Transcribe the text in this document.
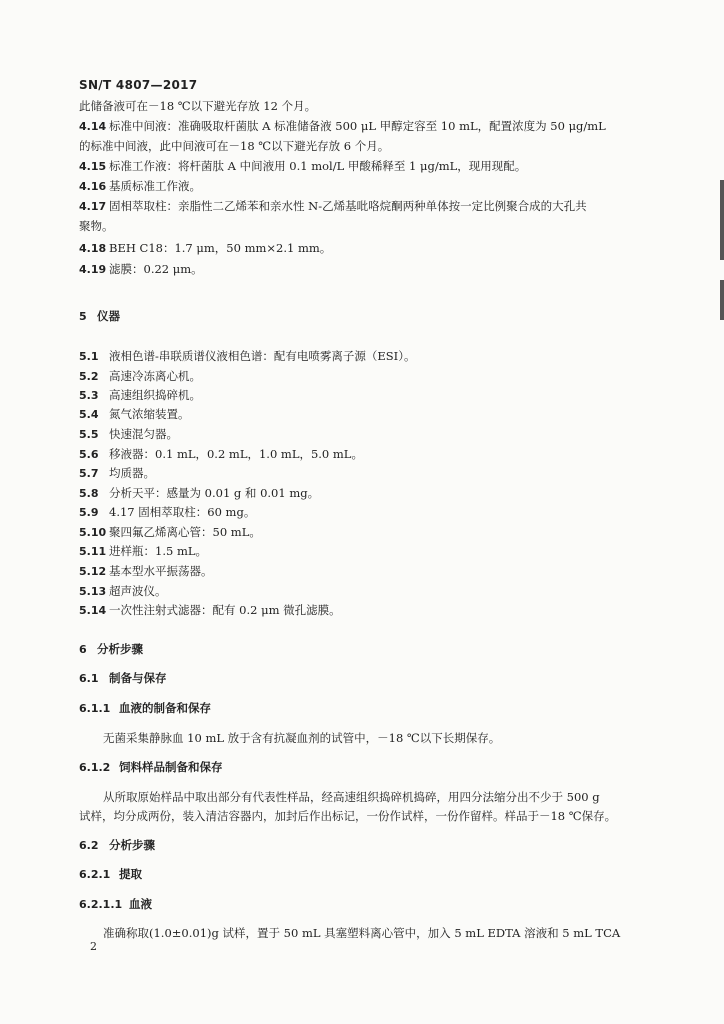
SN/T 4807—2017
此储备液可在－18 ℃以下避光存放 12 个月。
4.14 标准中间液：准确吸取杆菌肽 A 标准储备液 500 μL 甲醇定容至 10 mL，配置浓度为 50 μg/mL
的标准中间液，此中间液可在－18 ℃以下避光存放 6 个月。
4.15 标准工作液：将杆菌肽 A 中间液用 0.1 mol/L 甲酸稀释至 1 μg/mL，现用现配。
4.16 基质标准工作液。
4.17 固相萃取柱：亲脂性二乙烯苯和亲水性 N-乙烯基吡咯烷酮两种单体按一定比例聚合成的大孔共
聚物。
4.18 BEH C18：1.7 μm，50 mm×2.1 mm。
4.19 滤膜：0.22 μm。
5 仪器
5.1 液相色谱-串联质谱仪液相色谱：配有电喷雾离子源（ESI）。
5.2 高速冷冻离心机。
5.3 高速组织捣碎机。
5.4 氮气浓缩装置。
5.5 快速混匀器。
5.6 移液器：0.1 mL，0.2 mL，1.0 mL，5.0 mL。
5.7 均质器。
5.8 分析天平：感量为 0.01 g 和 0.01 mg。
5.9 4.17 固相萃取柱：60 mg。
5.10 聚四氟乙烯离心管：50 mL。
5.11 进样瓶：1.5 mL。
5.12 基本型水平振荡器。
5.13 超声波仪。
5.14 一次性注射式滤器：配有 0.2 μm 微孔滤膜。
6 分析步骤
6.1 制备与保存
6.1.1 血液的制备和保存
无菌采集静脉血 10 mL 放于含有抗凝血剂的试管中，－18 ℃以下长期保存。
6.1.2 饲料样品制备和保存
从所取原始样品中取出部分有代表性样品，经高速组织捣碎机捣碎，用四分法缩分出不少于 500 g
试样，均分成两份，装入清洁容器内，加封后作出标记，一份作试样，一份作留样。样品于－18 ℃保存。
6.2 分析步骤
6.2.1 提取
6.2.1.1 血液
准确称取(1.0±0.01)g 试样，置于 50 mL 具塞塑料离心管中，加入 5 mL EDTA 溶液和 5 mL TCA
2
